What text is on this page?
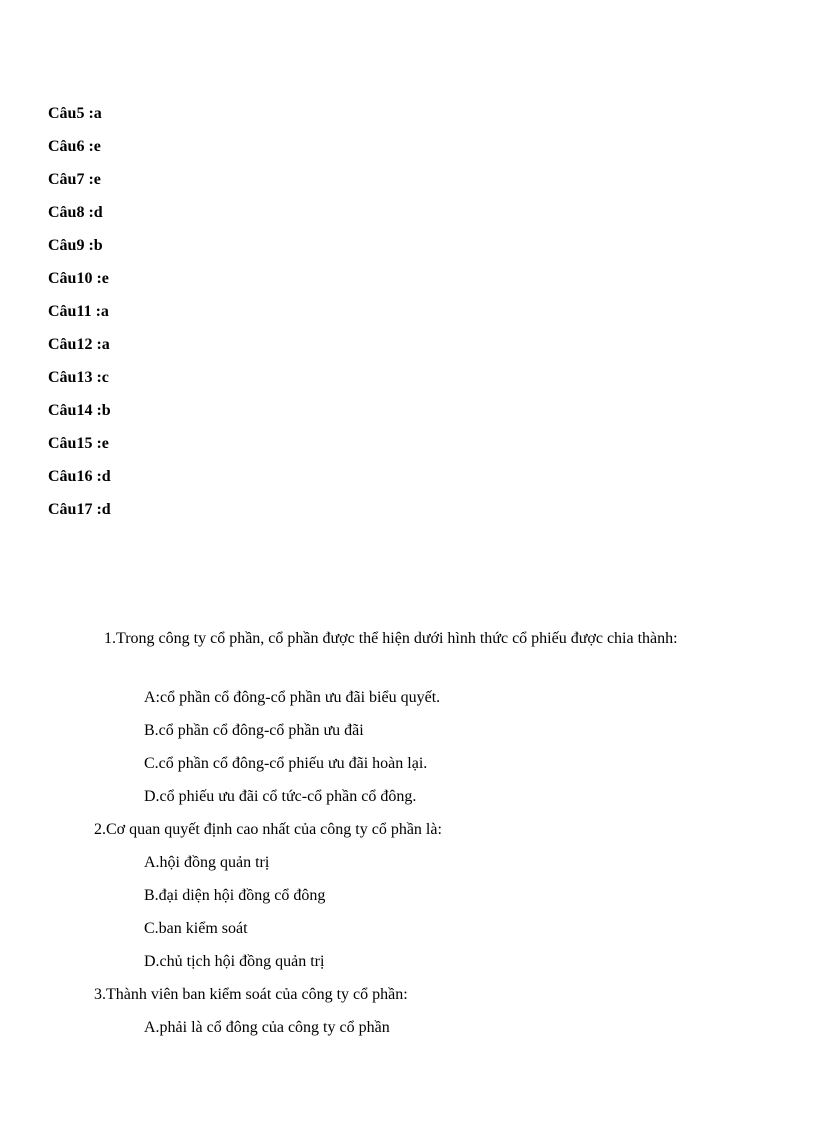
Câu5 :a
Câu6 :e
Câu7 :e
Câu8 :d
Câu9 :b
Câu10 :e
Câu11 :a
Câu12 :a
Câu13 :c
Câu14 :b
Câu15 :e
Câu16 :d
Câu17 :d
1.Trong công ty cổ phần, cổ phần được thể hiện dưới hình thức cổ phiếu được chia thành:
A:cổ phần cổ đông-cổ phần ưu đãi biểu quyết.
B.cổ phần cổ đông-cổ phần ưu đãi
C.cổ phần cổ đông-cổ phiếu ưu đãi hoàn lại.
D.cổ phiếu ưu đãi cổ tức-cổ phần cổ đông.
2.Cơ quan quyết định cao nhất của công ty cổ phần là:
A.hội đồng quản trị
B.đại diện hội đồng cổ đông
C.ban kiểm soát
D.chủ tịch hội đồng quản trị
3.Thành viên ban kiểm soát của công ty cổ phần:
A.phải là cổ đông của công ty cổ phần
